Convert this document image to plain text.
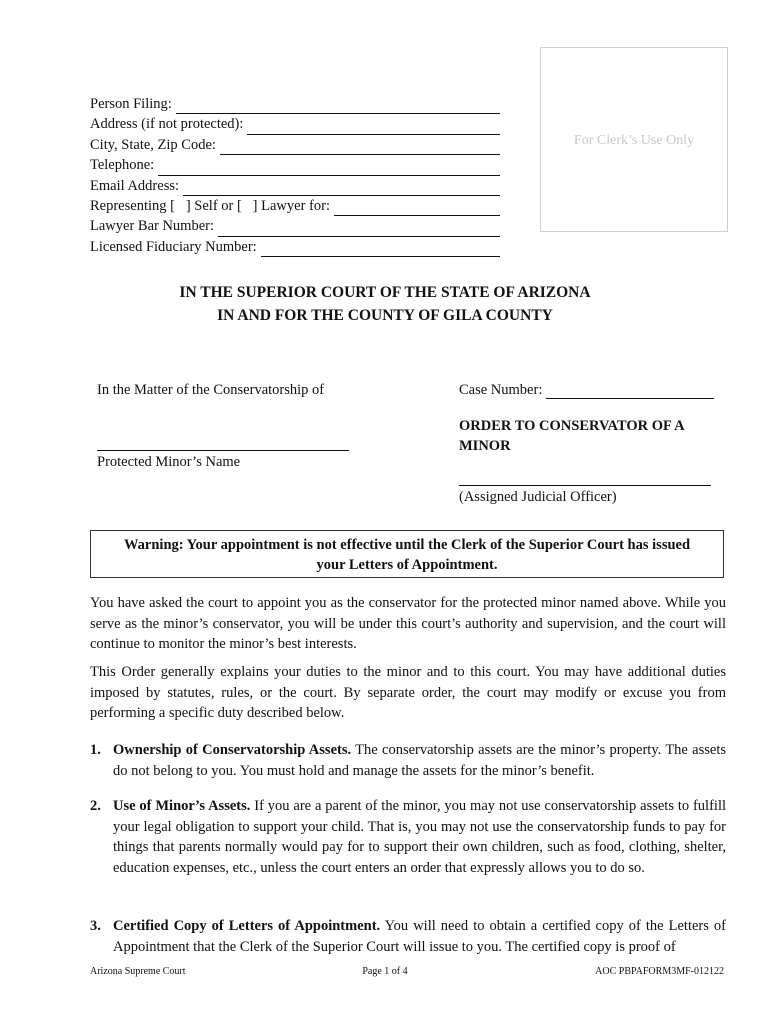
For Clerk’s Use Only
Person Filing:
Address (if not protected):
City, State, Zip Code:
Telephone:
Email Address:
Representing [   ] Self or [   ] Lawyer for:
Lawyer Bar Number:
Licensed Fiduciary Number:
IN THE SUPERIOR COURT OF THE STATE OF ARIZONA
IN AND FOR THE COUNTY OF GILA COUNTY
In the Matter of the Conservatorship of
Protected Minor’s Name
Case Number:
ORDER TO CONSERVATOR OF A MINOR
(Assigned Judicial Officer)
Warning: Your appointment is not effective until the Clerk of the Superior Court has issued
your Letters of Appointment.
You have asked the court to appoint you as the conservator for the protected minor named above. While you serve as the minor’s conservator, you will be under this court’s authority and supervision, and the court will continue to monitor the minor’s best interests.
This Order generally explains your duties to the minor and to this court. You may have additional duties imposed by statutes, rules, or the court. By separate order, the court may modify or excuse you from performing a specific duty described below.
1. Ownership of Conservatorship Assets. The conservatorship assets are the minor’s property. The assets do not belong to you. You must hold and manage the assets for the minor’s benefit.
2. Use of Minor’s Assets. If you are a parent of the minor, you may not use conservatorship assets to fulfill your legal obligation to support your child. That is, you may not use the conservatorship funds to pay for things that parents normally would pay for to support their own children, such as food, clothing, shelter, education expenses, etc., unless the court enters an order that expressly allows you to do so.
3. Certified Copy of Letters of Appointment. You will need to obtain a certified copy of the Letters of Appointment that the Clerk of the Superior Court will issue to you. The certified copy is proof of
Arizona Supreme Court	Page 1 of 4	AOC PBPAFORM3MF-012122
